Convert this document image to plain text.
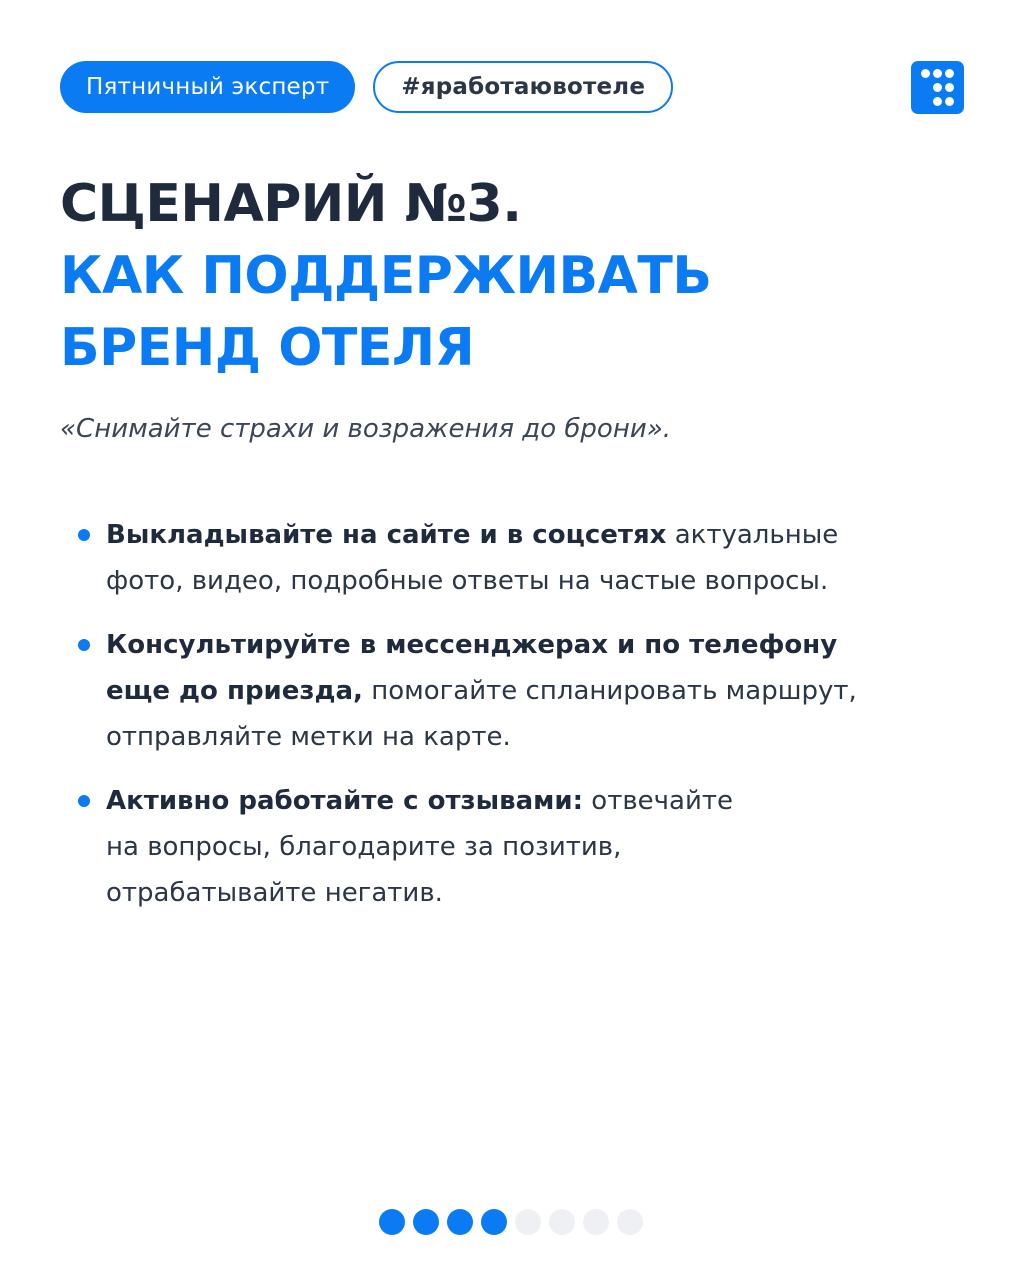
Пятничный эксперт	#яработаювотеле
СЦЕНАРИЙ №3.
КАК ПОДДЕРЖИВАТЬ
БРЕНД ОТЕЛЯ
«Снимайте страхи и возражения до брони».
Выкладывайте на сайте и в соцсетях актуальные
фото, видео, подробные ответы на частые вопросы.
Консультируйте в мессенджерах и по телефону
еще до приезда, помогайте спланировать маршрут,
отправляйте метки на карте.
Активно работайте с отзывами: отвечайте
на вопросы, благодарите за позитив,
отрабатывайте негатив.
